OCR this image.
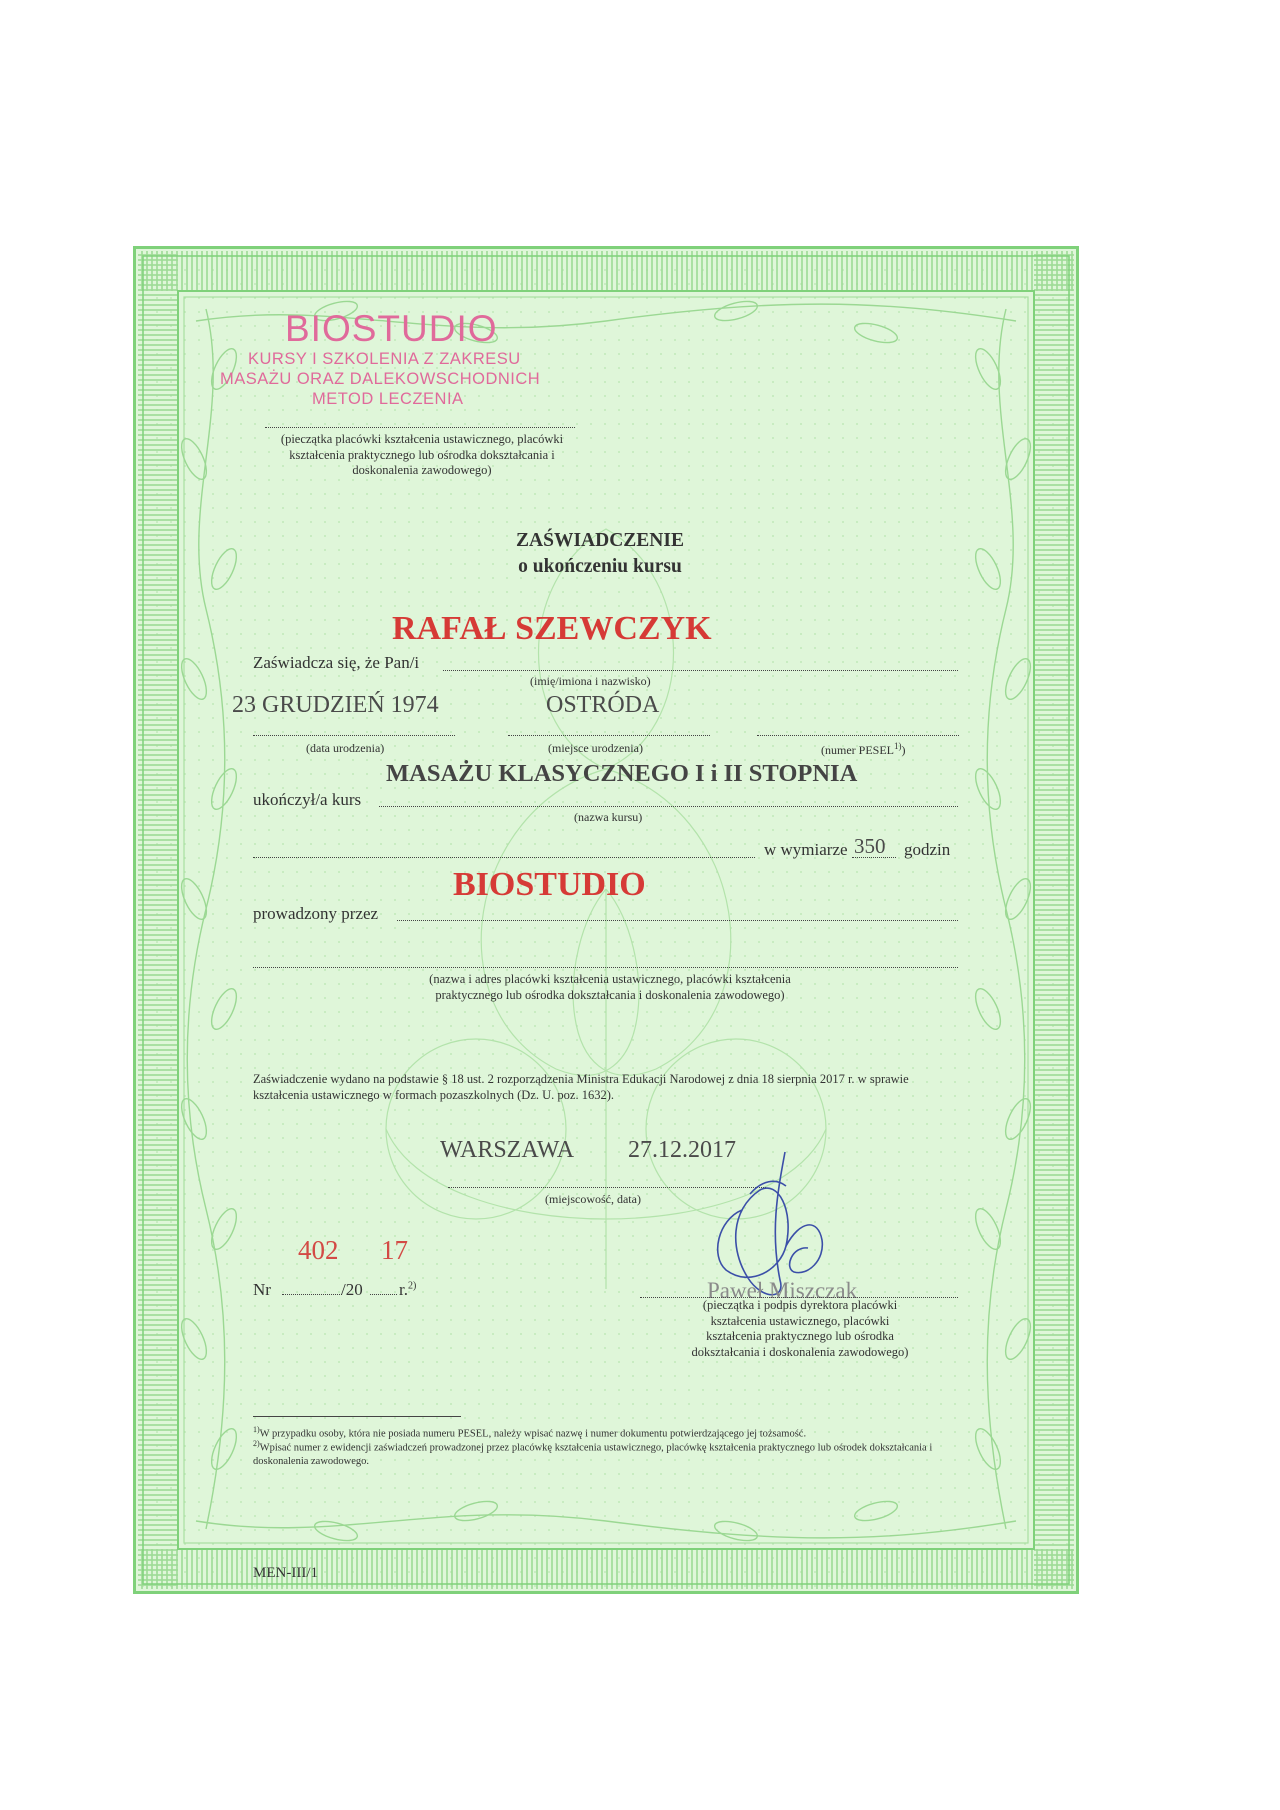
BIOSTUDIO
KURSY I SZKOLENIA Z ZAKRESU
MASAŻU ORAZ DALEKOWSCHODNICH
METOD LECZENIA
(pieczątka placówki kształcenia ustawicznego, placówki kształcenia praktycznego lub ośrodka dokształcania i doskonalenia zawodowego)
ZAŚWIADCZENIE
o ukończeniu kursu
RAFAŁ SZEWCZYK
Zaświadcza się, że Pan/i
(imię/imiona i nazwisko)
23 GRUDZIEŃ 1974	OSTRÓDA
(data urodzenia)	(miejsce urodzenia)	(numer PESEL$^{1)}$)
MASAŻU KLASYCZNEGO I i II STOPNIA
ukończył/a kurs
(nazwa kursu)
w wymiarze 350 godzin
BIOSTUDIO
prowadzony przez
(nazwa i adres placówki kształcenia ustawicznego, placówki kształcenia praktycznego lub ośrodka dokształcania i doskonalenia zawodowego)
Zaświadczenie wydano na podstawie § 18 ust. 2 rozporządzenia Ministra Edukacji Narodowej z dnia 18 sierpnia 2017 r. w sprawie kształcenia ustawicznego w formach pozaszkolnych (Dz. U. poz. 1632).
WARSZAWA 27.12.2017
(miejscowość, data)
402 17
Nr	/20 r.$^{2)}$	Paweł Miszczak
(pieczątka i podpis dyrektora placówki kształcenia ustawicznego, placówki kształcenia praktycznego lub ośrodka dokształcania i doskonalenia zawodowego)
$^{1)}$W przypadku osoby, która nie posiada numeru PESEL, należy wpisać nazwę i numer dokumentu potwierdzającego jej tożsamość.
$^{2)}$Wpisać numer z ewidencji zaświadczeń prowadzonej przez placówkę kształcenia ustawicznego, placówkę kształcenia praktycznego lub ośrodek dokształcania i doskonalenia zawodowego.
MEN-III/1
